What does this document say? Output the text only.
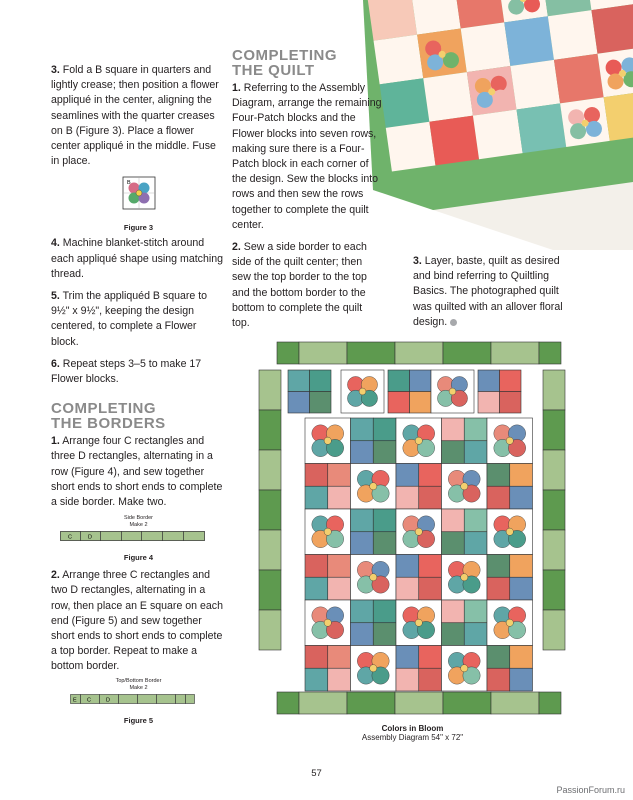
3. Fold a B square in quarters and lightly crease; then position a flower appliqué in the center, aligning the seamlines with the quarter creases on B (Figure 3). Place a flower center appliqué in the middle. Fuse in place.

B
Figure 3

4. Machine blanket-stitch around each appliqué shape using matching thread.

5. Trim the appliquéd B square to 9½" x 9½", keeping the design centered, to complete a Flower block.

6. Repeat steps 3–5 to make 17 Flower blocks.

COMPLETING THE BORDERS

1. Arrange four C rectangles and three D rectangles, alternating in a row (Figure 4), and sew together short ends to short ends to complete a side border. Make two.

Side Border
Make 2
C	D
Figure 4

2. Arrange three C rectangles and two D rectangles, alternating in a row, then place an E square on each end (Figure 5) and sew together short ends to short ends to complete a top border. Repeat to make a bottom border.

Top/Bottom Border
Make 2
E C	D
Figure 5
COMPLETING THE QUILT

1. Referring to the Assembly Diagram, arrange the remaining Four-Patch blocks and the Flower blocks into seven rows, making sure there is a Four-Patch block in each corner of the design. Sew the blocks into rows and then sew the rows together to complete the quilt center.

2. Sew a side border to each side of the quilt center; then sew the top border to the top and the bottom border to the bottom to complete the quilt top.

3. Layer, baste, quilt as desired and bind referring to Quiltling Basics. The photographed quilt was quilted with an allover floral design.

Colors in Bloom
Assembly Diagram 54" x 72"
57
PassionForum.ru
